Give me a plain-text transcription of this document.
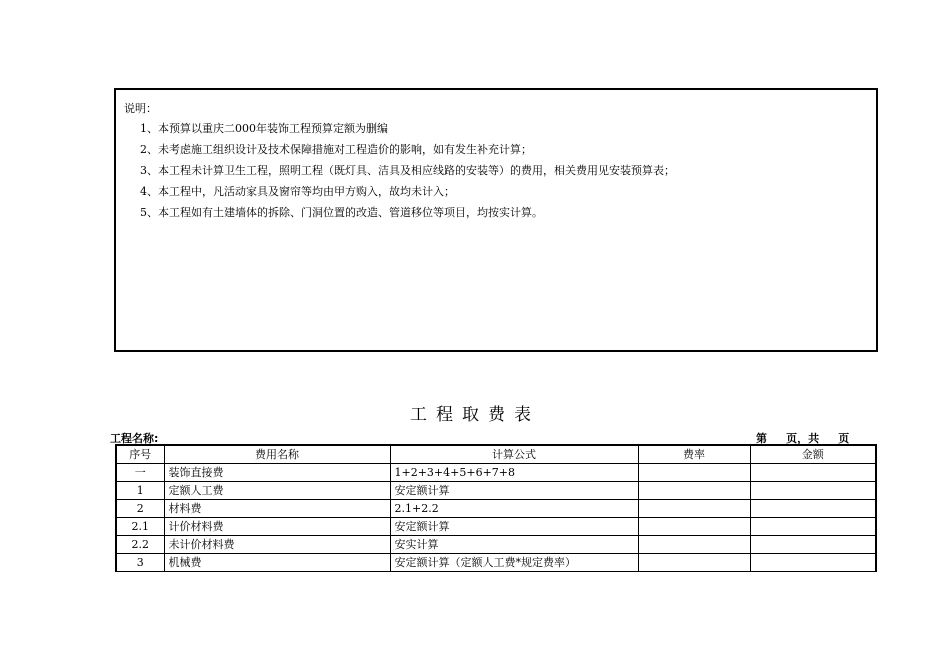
说明：
1、本预算以重庆二000年装饰工程预算定额为删编
2、未考虑施工组织设计及技术保障措施对工程造价的影响，如有发生补充计算；
3、本工程未计算卫生工程，照明工程（既灯具、洁具及相应线路的安装等）的费用，相关费用见安装预算表；
4、本工程中，凡活动家具及窗帘等均由甲方购入，故均未计入；
5、本工程如有土建墙体的拆除、门洞位置的改造、管道移位等项目，均按实计算。
工程取费表
工程名称:	第     页，共     页
序号	费用名称	计算公式	费率	金额
一	装饰直接费	1+2+3+4+5+6+7+8		
1	定额人工费	安定额计算		
2	材料费	2.1+2.2		
2.1	计价材料费	安定额计算		
2.2	未计价材料费	安实计算		
3	机械费	安定额计算（定额人工费*规定费率）		
